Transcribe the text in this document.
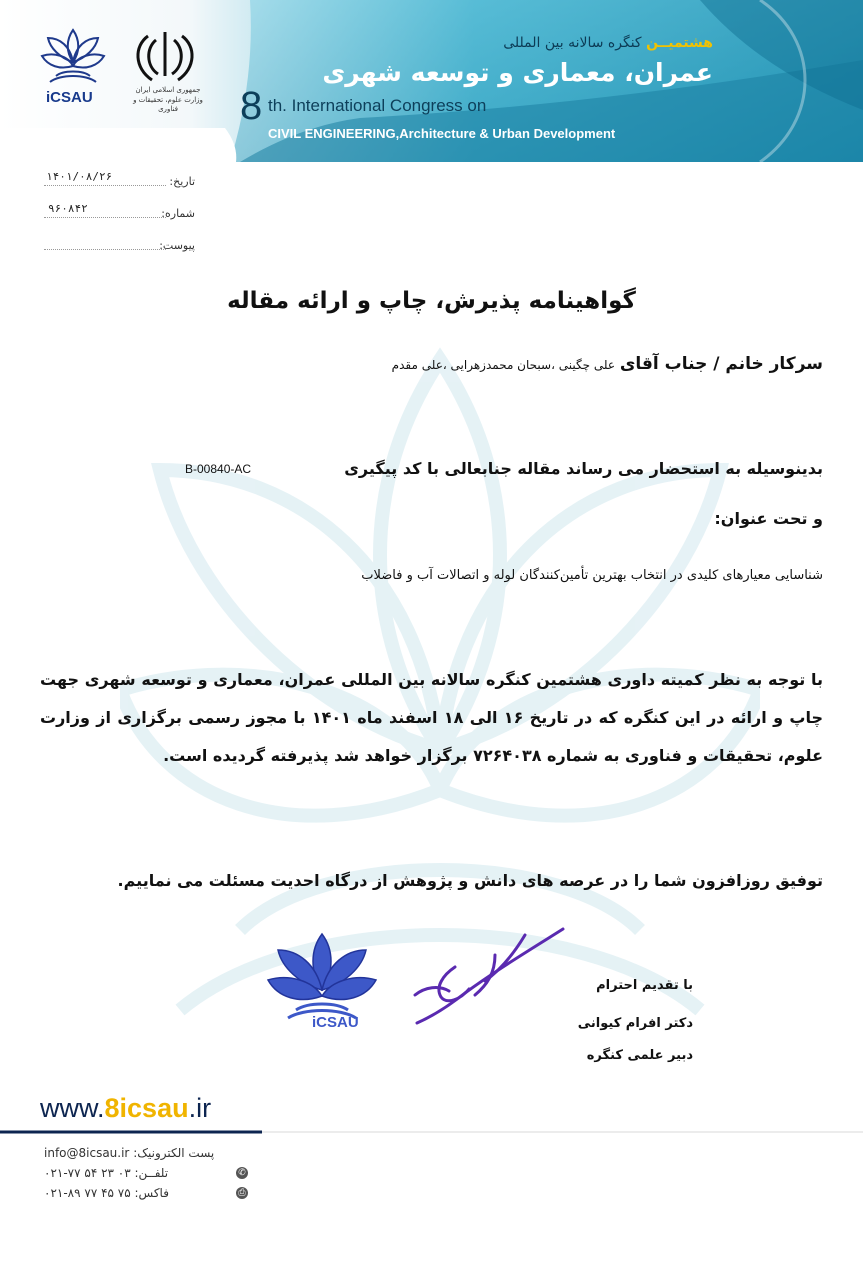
iCSAU	جمهوری اسلامی ایران
وزارت علوم، تحقیقات و فناوری
هشتمیــن کنگره سالانه بین المللی
عمران، معماری و توسعه شهری
8 th. International Congress on
CIVIL ENGINEERING,Architecture & Urban Development
تاریخ:
۱۴۰۱/۰۸/۲۶
شماره:
۹۶۰۸۴۲
پیوست:
گواهینامه پذیرش، چاپ و ارائه مقاله
سرکار خانم / جناب آقای
علی چگینی ،سبحان محمدزهرایی ،علی مقدم
بدینوسیله به استحضار می رساند مقاله جنابعالی با کد پیگیری
B-00840-AC
و تحت عنوان:
شناسایی معیارهای کلیدی در انتخاب بهترین تأمین‌کنندگان لوله و اتصالات آب و فاضلاب
با توجه به نظر کمیته داوری هشتمین کنگره سالانه بین المللی عمران، معماری و توسعه شهری جهت چاپ و ارائه در این کنگره که در تاریخ ۱۶ الی ۱۸ اسفند ماه ۱۴۰۱ با مجوز رسمی برگزاری از وزارت علوم، تحقیقات و فناوری به شماره ۷۲۶۴۰۳۸ برگزار خواهد شد پذیرفته گردیده است.
توفیق روزافزون شما را در عرصه های دانش و پژوهش از درگاه احدیت مسئلت می نماییم.
iCSAU
با تقدیم احترام
دکتر افرام کیوانی
دبیر علمی کنگره
www.8icsau.ir
پست الکترونیک: info@8icsau.ir
✆
تلفــن: ۰۲۱-۷۷ ۵۴ ۲۳ ۰۳
⎙
فاکس: ۰۲۱-۸۹ ۷۷ ۴۵ ۷۵
